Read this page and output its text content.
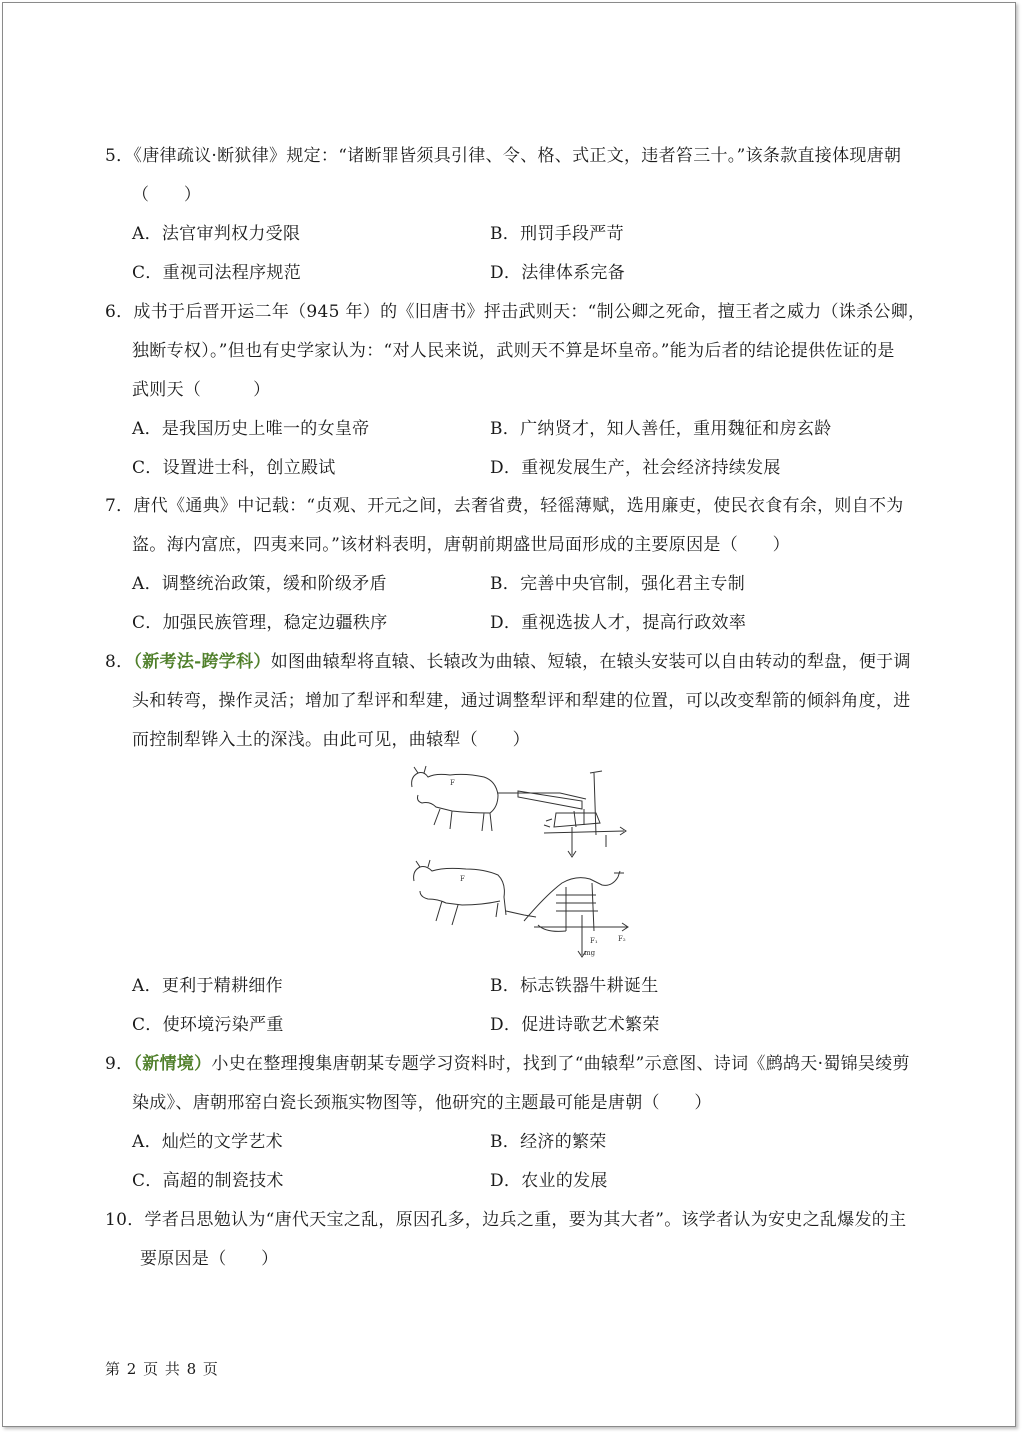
5．《唐律疏议·断狱律》规定：“诸断罪皆须具引律、令、格、式正文，违者笞三十。”该条款直接体现唐朝
（　　）
A．法官审判权力受限	B．刑罚手段严苛
C．重视司法程序规范	D．法律体系完备
6．成书于后晋开运二年（945 年）的《旧唐书》抨击武则天：“制公卿之死命，擅王者之威力（诛杀公卿，
独断专权）。”但也有史学家认为：“对人民来说，武则天不算是坏皇帝。”能为后者的结论提供佐证的是
武则天（　　　）
A．是我国历史上唯一的女皇帝	B．广纳贤才，知人善任，重用魏征和房玄龄
C．设置进士科，创立殿试	D．重视发展生产，社会经济持续发展
7．唐代《通典》中记载：“贞观、开元之间，去奢省费，轻徭薄赋，选用廉吏，使民衣食有余，则自不为
盗。海内富庶，四夷来同。”该材料表明，唐朝前期盛世局面形成的主要原因是（　　）
A．调整统治政策，缓和阶级矛盾	B．完善中央官制，强化君主专制
C．加强民族管理，稳定边疆秩序	D．重视选拔人才，提高行政效率
8．（新考法-跨学科）如图曲辕犁将直辕、长辕改为曲辕、短辕，在辕头安装可以自由转动的犁盘，便于调
头和转弯，操作灵活；增加了犁评和犁建，通过调整犁评和犁建的位置，可以改变犁箭的倾斜角度，进
而控制犁铧入土的深浅。由此可见，曲辕犁（　　）
F
F
F₁	F₂
mg
A．更利于精耕细作	B．标志铁器牛耕诞生
C．使环境污染严重	D．促进诗歌艺术繁荣
9．（新情境）小史在整理搜集唐朝某专题学习资料时，找到了“曲辕犁”示意图、诗词《鹧鸪天·蜀锦吴绫剪
染成》、唐朝邢窑白瓷长颈瓶实物图等，他研究的主题最可能是唐朝（　　）
A．灿烂的文学艺术	B．经济的繁荣
C．高超的制瓷技术	D．农业的发展
10．学者吕思勉认为“唐代天宝之乱，原因孔多，边兵之重，要为其大者”。该学者认为安史之乱爆发的主
要原因是（　　）
第 2 页 共 8 页
